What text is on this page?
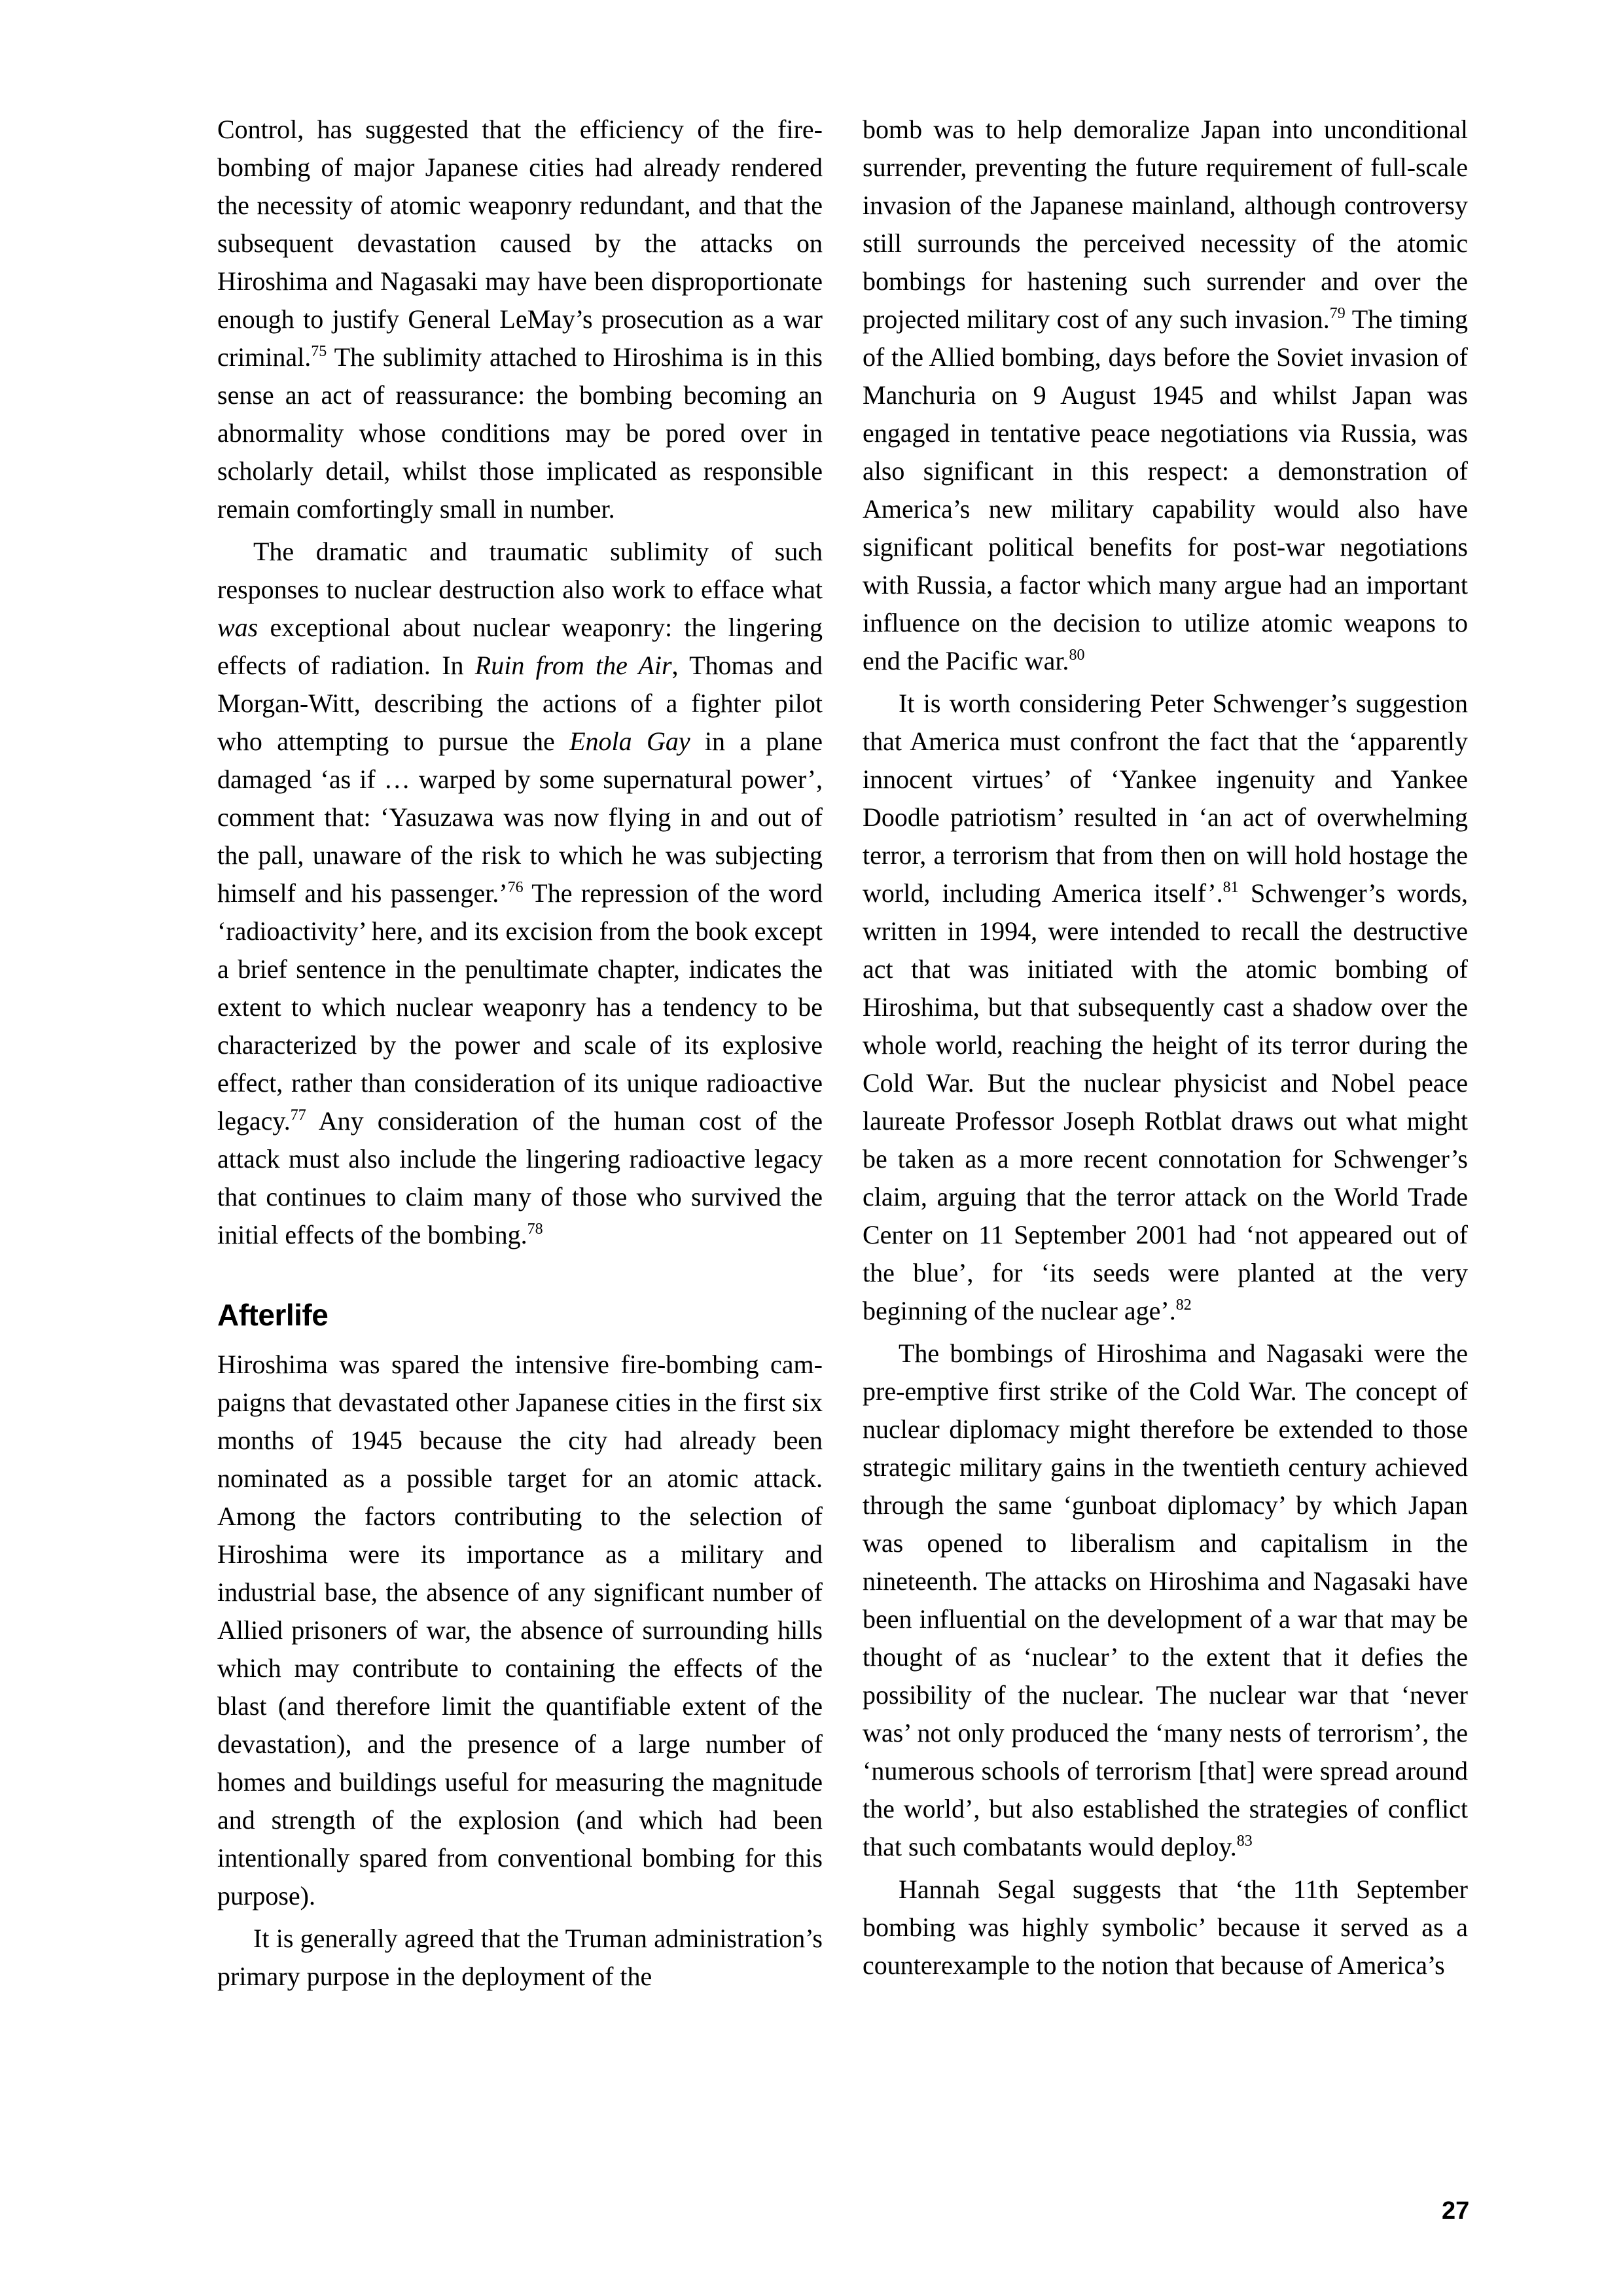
Control, has suggested that the efficiency of the fire-bombing of major Japanese cities had already rendered the necessity of atomic weaponry redundant, and that the subsequent devastation caused by the attacks on Hiroshima and Nagasaki may have been disproportionate enough to justify General LeMay’s prosecution as a war criminal.$^{75}$ The sublimity attached to Hiroshima is in this sense an act of reassurance: the bombing becoming an abnormality whose conditions may be pored over in scholarly detail, whilst those implicated as responsible remain comfortingly small in number.

The dramatic and traumatic sublimity of such responses to nuclear destruction also work to efface what was exceptional about nuclear weaponry: the lingering effects of radiation. In Ruin from the Air, Thomas and Morgan-Witt, describing the actions of a fighter pilot who attempting to pursue the Enola Gay in a plane damaged ‘as if … warped by some supernatural power’, comment that: ‘Yasuzawa was now flying in and out of the pall, unaware of the risk to which he was subjecting himself and his passenger.’$^{76}$ The repression of the word ‘radioactivity’ here, and its excision from the book except a brief sentence in the penultimate chapter, indicates the extent to which nuclear weaponry has a tendency to be characterized by the power and scale of its explosive effect, rather than consideration of its unique radioactive legacy.$^{77}$ Any consideration of the human cost of the attack must also include the lingering radioactive legacy that continues to claim many of those who survived the initial effects of the bombing.$^{78}$

Afterlife

Hiroshima was spared the intensive fire-bombing campaigns that devastated other Japanese cities in the first six months of 1945 because the city had already been nominated as a possible target for an atomic attack. Among the factors contributing to the selection of Hiroshima were its importance as a military and industrial base, the absence of any significant number of Allied prisoners of war, the absence of surrounding hills which may contribute to containing the effects of the blast (and therefore limit the quantifiable extent of the devastation), and the presence of a large number of homes and buildings useful for measuring the magnitude and strength of the explosion (and which had been intentionally spared from conventional bombing for this purpose).

It is generally agreed that the Truman administration’s primary purpose in the deployment of the

bomb was to help demoralize Japan into unconditional surrender, preventing the future requirement of full-scale invasion of the Japanese mainland, although controversy still surrounds the perceived necessity of the atomic bombings for hastening such surrender and over the projected military cost of any such invasion.$^{79}$ The timing of the Allied bombing, days before the Soviet invasion of Manchuria on 9 August 1945 and whilst Japan was engaged in tentative peace negotiations via Russia, was also significant in this respect: a demonstration of America’s new military capability would also have significant political benefits for post-war negotiations with Russia, a factor which many argue had an important influence on the decision to utilize atomic weapons to end the Pacific war.$^{80}$

It is worth considering Peter Schwenger’s suggestion that America must confront the fact that the ‘apparently innocent virtues’ of ‘Yankee ingenuity and Yankee Doodle patriotism’ resulted in ‘an act of overwhelming terror, a terrorism that from then on will hold hostage the world, including America itself’.$^{81}$ Schwenger’s words, written in 1994, were intended to recall the destructive act that was initiated with the atomic bombing of Hiroshima, but that subsequently cast a shadow over the whole world, reaching the height of its terror during the Cold War. But the nuclear physicist and Nobel peace laureate Professor Joseph Rotblat draws out what might be taken as a more recent connotation for Schwenger’s claim, arguing that the terror attack on the World Trade Center on 11 September 2001 had ‘not appeared out of the blue’, for ‘its seeds were planted at the very beginning of the nuclear age’.$^{82}$

The bombings of Hiroshima and Nagasaki were the pre-emptive first strike of the Cold War. The concept of nuclear diplomacy might therefore be extended to those strategic military gains in the twentieth century achieved through the same ‘gunboat diplomacy’ by which Japan was opened to liberalism and capitalism in the nineteenth. The attacks on Hiroshima and Nagasaki have been influential on the development of a war that may be thought of as ‘nuclear’ to the extent that it defies the possibility of the nuclear. The nuclear war that ‘never was’ not only produced the ‘many nests of terrorism’, the ‘numerous schools of terrorism [that] were spread around the world’, but also established the strategies of conflict that such combatants would deploy.$^{83}$

Hannah Segal suggests that ‘the 11th September bombing was highly symbolic’ because it served as a counterexample to the notion that because of America’s

27
